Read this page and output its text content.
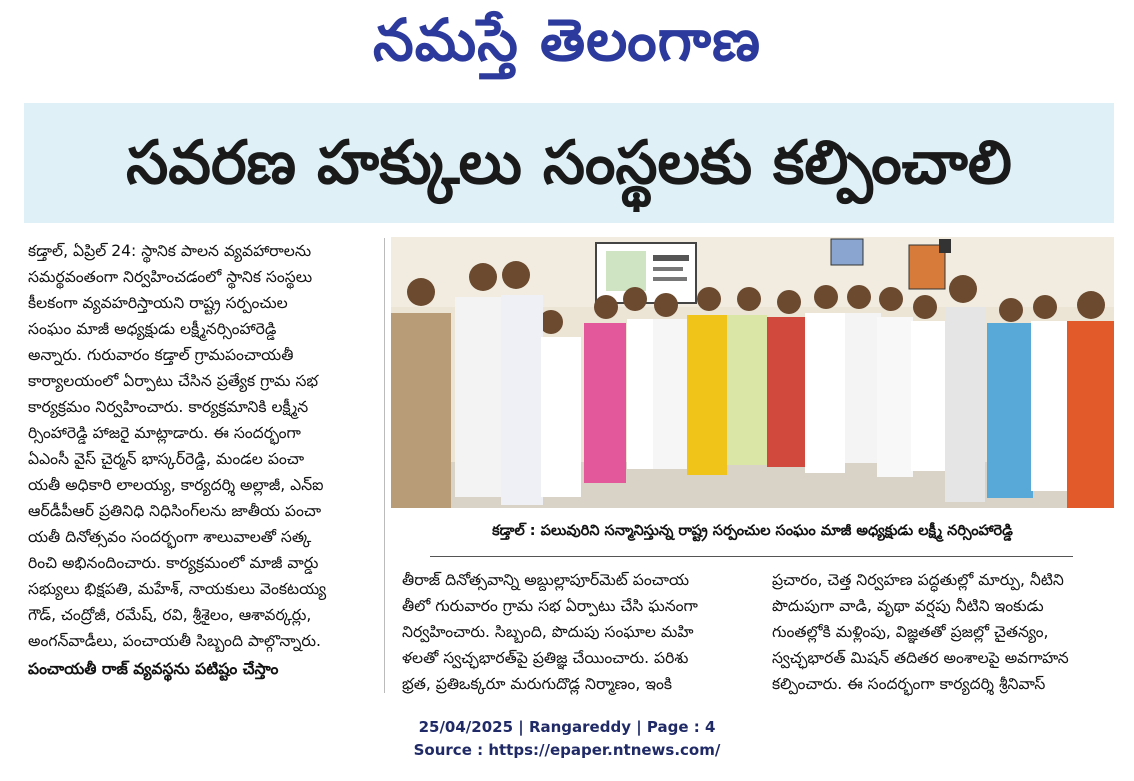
నమస్తే తెలంగాణ
సవరణ హక్కులు సంస్థలకు కల్పించాలి

కడ్తాల్, ఏప్రిల్ 24: స్థానిక పాలన వ్యవహారాలను

సమర్థవంతంగా నిర్వహించడంలో స్థానిక సంస్థలు

కీలకంగా వ్యవహరిస్తాయని రాష్ట్ర సర్పంచుల

సంఘం మాజీ అధ్యక్షుడు లక్ష్మీనర్సింహారెడ్డి

అన్నారు. గురువారం కడ్తాల్ గ్రామపంచాయతీ

కార్యాలయంలో ఏర్పాటు చేసిన ప్రత్యేక గ్రామ సభ

కార్యక్రమం నిర్వహించారు. కార్యక్రమానికి లక్ష్మీన

ర్సింహారెడ్డి హాజరై మాట్లాడారు. ఈ సందర్భంగా

ఏఎంసీ వైస్ చైర్మన్ భాస్కర్‌రెడ్డి, మండల పంచా

యతీ అధికారి లాలయ్య, కార్యదర్శి అల్లాజీ, ఎన్ఐ

ఆర్‌డీపీఆర్ ప్రతినిధి నిధిసింగ్‌లను జాతీయ పంచా

యతీ దినోత్సవం సందర్భంగా శాలువాలతో సత్క

రించి అభినందించారు. కార్యక్రమంలో మాజీ వార్డు

సభ్యులు భిక్షపతి, మహేశ్, నాయకులు వెంకటయ్య

గౌడ్, చంద్రోజీ, రమేష్, రవి, శ్రీశైలం, ఆశావర్కర్లు,

అంగన్‌వాడీలు, పంచాయతీ సిబ్బంది పాల్గొన్నారు.

పంచాయతీ రాజ్ వ్యవస్థను పటిష్టం చేస్తాం

కడ్తాల్ : పలువురిని సన్మానిస్తున్న రాష్ట్ర సర్పంచుల సంఘం మాజీ అధ్యక్షుడు లక్ష్మీ నర్సింహారెడ్డి

తీరాజ్ దినోత్సవాన్ని అబ్దుల్లాపూర్‌మెట్ పంచాయ

తీలో గురువారం గ్రామ సభ ఏర్పాటు చేసి ఘనంగా

నిర్వహించారు. సిబ్బంది, పొదుపు సంఘాల మహి

ళలతో స్వచ్ఛభారత్‌పై ప్రతిజ్ఞ చేయించారు. పరిశు

భ్రత, ప్రతిఒక్కరూ మరుగుదొడ్ల నిర్మాణం, ఇంకి

ప్రచారం, చెత్త నిర్వహణ పద్ధతుల్లో మార్పు, నీటిని

పొదుపుగా వాడి, వృథా వర్షపు నీటిని ఇంకుడు

గుంతల్లోకి మళ్లింపు, విజ్ఞతతో ప్రజల్లో చైతన్యం,

స్వచ్ఛభారత్ మిషన్ తదితర అంశాలపై అవగాహన

కల్పించారు. ఈ సందర్భంగా కార్యదర్శి శ్రీనివాస్

25/04/2025 | Rangareddy | Page : 4
Source : https://epaper.ntnews.com/
